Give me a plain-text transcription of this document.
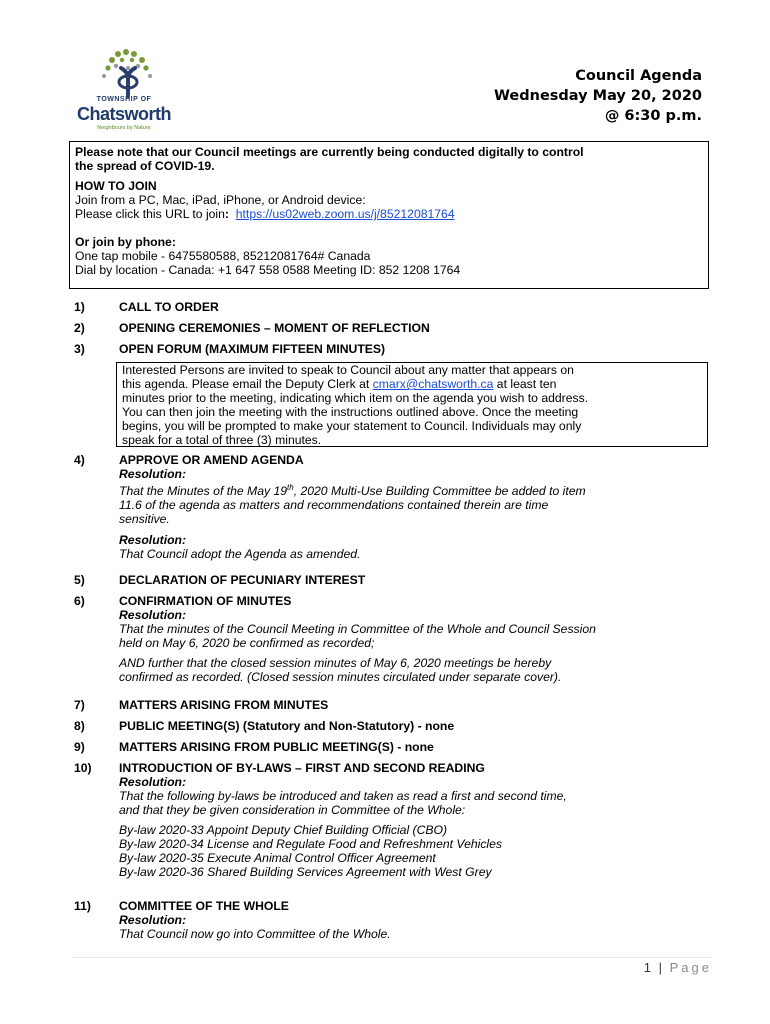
TOWNSHIP OF
Chatsworth
Neighbours by Nature
Council Agenda
Wednesday May 20, 2020
@ 6:30 p.m.
Please note that our Council meetings are currently being conducted digitally to control
the spread of COVID-19.
HOW TO JOIN
Join from a PC, Mac, iPad, iPhone, or Android device:
Please click this URL to join: https://us02web.zoom.us/j/85212081764
Or join by phone:
One tap mobile - 6475580588, 85212081764# Canada
Dial by location - Canada: +1 647 558 0588 Meeting ID: 852 1208 1764
1)	CALL TO ORDER
2)	OPENING CEREMONIES – MOMENT OF REFLECTION
3)	OPEN FORUM (MAXIMUM FIFTEEN MINUTES)
Interested Persons are invited to speak to Council about any matter that appears on
this agenda. Please email the Deputy Clerk at cmarx@chatsworth.ca at least ten
minutes prior to the meeting, indicating which item on the agenda you wish to address.
You can then join the meeting with the instructions outlined above. Once the meeting
begins, you will be prompted to make your statement to Council. Individuals may only
speak for a total of three (3) minutes.
4)	APPROVE OR AMEND AGENDA
Resolution:
That the Minutes of the May 19th, 2020 Multi-Use Building Committee be added to item
11.6 of the agenda as matters and recommendations contained therein are time
sensitive.
Resolution:
That Council adopt the Agenda as amended.
5)	DECLARATION OF PECUNIARY INTEREST
6)	CONFIRMATION OF MINUTES
Resolution:
That the minutes of the Council Meeting in Committee of the Whole and Council Session
held on May 6, 2020 be confirmed as recorded;
AND further that the closed session minutes of May 6, 2020 meetings be hereby
confirmed as recorded. (Closed session minutes circulated under separate cover).
7)	MATTERS ARISING FROM MINUTES
8)	PUBLIC MEETING(S) (Statutory and Non-Statutory) - none
9)	MATTERS ARISING FROM PUBLIC MEETING(S) - none
10)	INTRODUCTION OF BY-LAWS – FIRST AND SECOND READING
Resolution:
That the following by-laws be introduced and taken as read a first and second time,
and that they be given consideration in Committee of the Whole:
By-law 2020-33 Appoint Deputy Chief Building Official (CBO)
By-law 2020-34 License and Regulate Food and Refreshment Vehicles
By-law 2020-35 Execute Animal Control Officer Agreement
By-law 2020-36 Shared Building Services Agreement with West Grey
11)	COMMITTEE OF THE WHOLE
Resolution:
That Council now go into Committee of the Whole.
1 | Page
